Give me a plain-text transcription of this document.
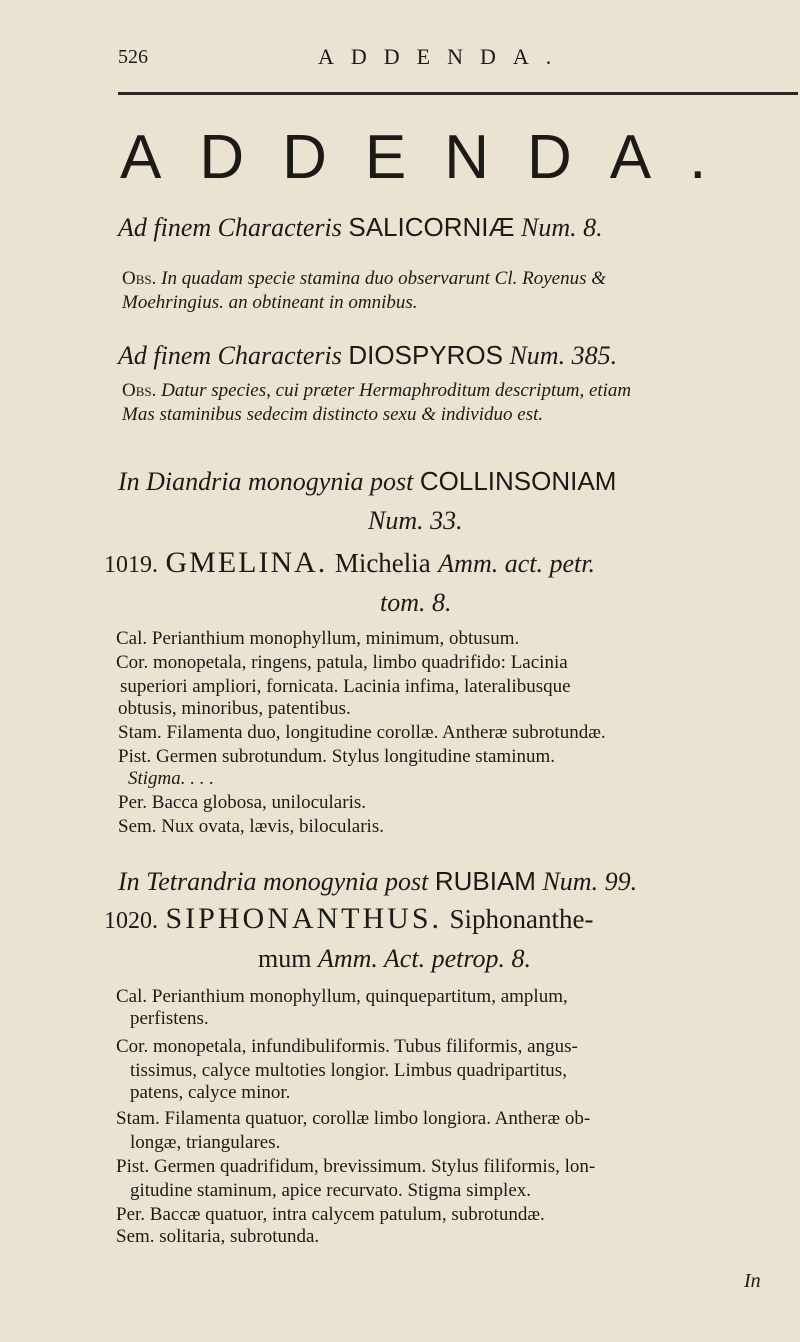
526	ADDENDA.
ADDENDA.
Ad finem Characteris SALICORNIÆ Num. 8.
Obs. In quadam specie stamina duo observarunt Cl. Royenus &
Moehringius. an obtineant in omnibus.
Ad finem Characteris DIOSPYROS Num. 385.
Obs. Datur species, cui præter Hermaphroditum descriptum, etiam
Mas staminibus sedecim distincto sexu & individuo est.
In Diandria monogynia post COLLINSONIAM
Num. 33.
1019. GMELINA. Michelia Amm. act. petr.
tom. 8.
Cal. Perianthium monophyllum, minimum, obtusum.
Cor. monopetala, ringens, patula, limbo quadrifido: Lacinia
superiori ampliori, fornicata. Lacinia infima, lateralibusque
obtusis, minoribus, patentibus.
Stam. Filamenta duo, longitudine corollæ. Antheræ subrotundæ.
Pist. Germen subrotundum. Stylus longitudine staminum.
Stigma. . . .
Per. Bacca globosa, unilocularis.
Sem. Nux ovata, lævis, bilocularis.
In Tetrandria monogynia post RUBIAM Num. 99.
1020. SIPHONANTHUS. Siphonanthe-
mum Amm. Act. petrop. 8.
Cal. Perianthium monophyllum, quinquepartitum, amplum,
perfistens.
Cor. monopetala, infundibuliformis. Tubus filiformis, angus-
tissimus, calyce multoties longior. Limbus quadripartitus,
patens, calyce minor.
Stam. Filamenta quatuor, corollæ limbo longiora. Antheræ ob-
longæ, triangulares.
Pist. Germen quadrifidum, brevissimum. Stylus filiformis, lon-
gitudine staminum, apice recurvato. Stigma simplex.
Per. Baccæ quatuor, intra calycem patulum, subrotundæ.
Sem. solitaria, subrotunda.
In
